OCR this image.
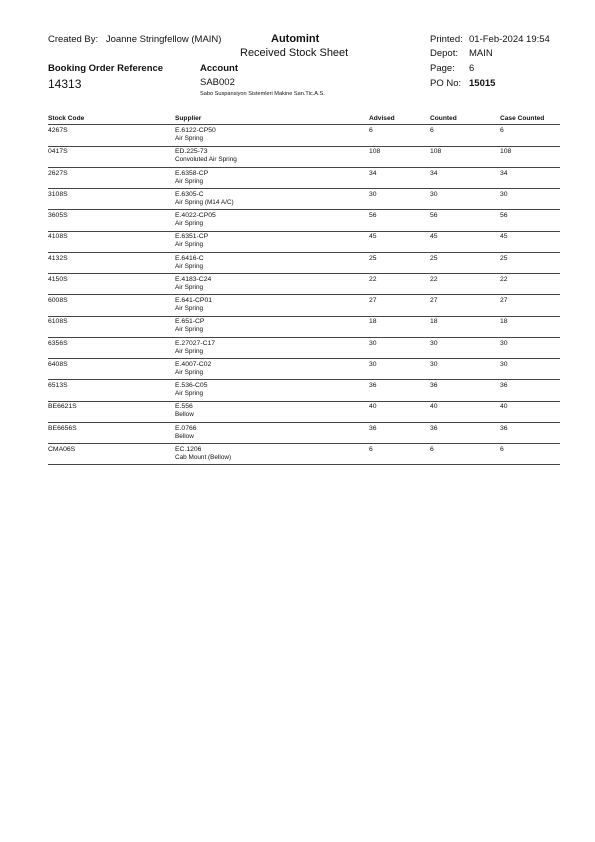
Created By: Joanne Stringfellow (MAIN)	Automint
Received Stock Sheet
Printed: 01-Feb-2024 19:54
Depot: MAIN
Page: 6
PO No: 15015
Booking Order Reference
14313
Account
SAB002
Sabo Suspansiyon Sistemleri Makine San.Tic.A.S.
Stock Code	Supplier	Advised	Counted	Case Counted
4267S	E.6122-CP50	6	6	6
Air Spring
0417S	ED.225-73	108	108	108
Convoluted Air Spring
2627S	E.6358-CP	34	34	34
Air Spring
3108S	E.6305-C	30	30	30
Air Spring (M14 A/C)
3605S	E.4022-CP05	56	56	56
Air Spring
4108S	E.6351-CP	45	45	45
Air Spring
4132S	E.6416-C	25	25	25
Air Spring
4150S	E.4183-C24	22	22	22
Air Spring
6008S	E.641-CP01	27	27	27
Air Spring
6108S	E.651-CP	18	18	18
Air Spring
6356S	E.27027-C17	30	30	30
Air Spring
6408S	E.4007-C02	30	30	30
Air Spring
6513S	E.536-C05	36	36	36
Air Spring
BE6621S	E.556	40	40	40
Bellow
BE6656S	E.0766	36	36	36
Bellow
CMA06S	EC.1206	6	6	6
Cab Mount (Bellow)
